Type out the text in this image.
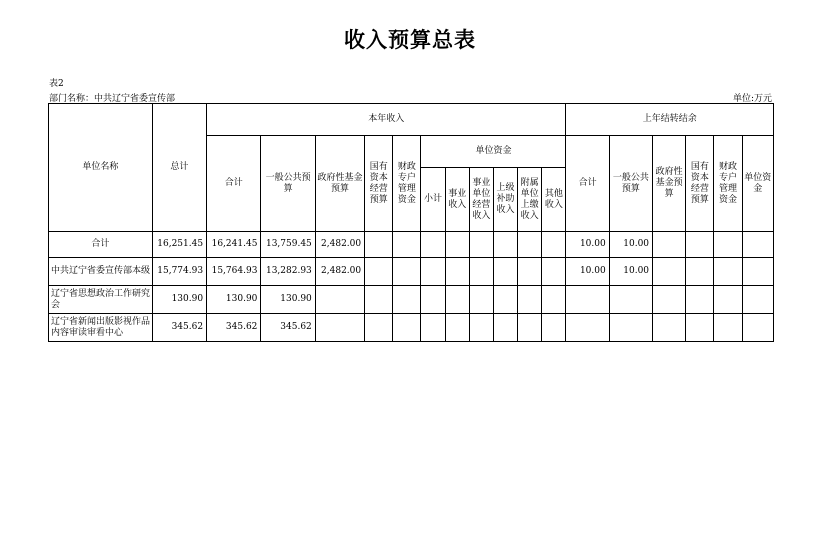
收入预算总表
表2
部门名称：中共辽宁省委宣传部	单位:万元
单位名称	总计	本年收入											上年结转结余					
		合计	一般公共预算	政府性基金预算	国有资本经营预算	财政专户管理资金	单位资金						合计	一般公共预算	政府性基金预算	国有资本经营预算	财政专户管理资金	单位资金
							小计	事业收入	事业单位经营收入	上级补助收入	附属单位上缴收入	其他收入						
合计	16,251.45	16,241.45	13,759.45	2,482.00									10.00	10.00				
中共辽宁省委宣传部本级	15,774.93	15,764.93	13,282.93	2,482.00									10.00	10.00				
辽宁省思想政治工作研究会	130.90	130.90	130.90															
辽宁省新闻出版影视作品内容审读审看中心	345.62	345.62	345.62															
